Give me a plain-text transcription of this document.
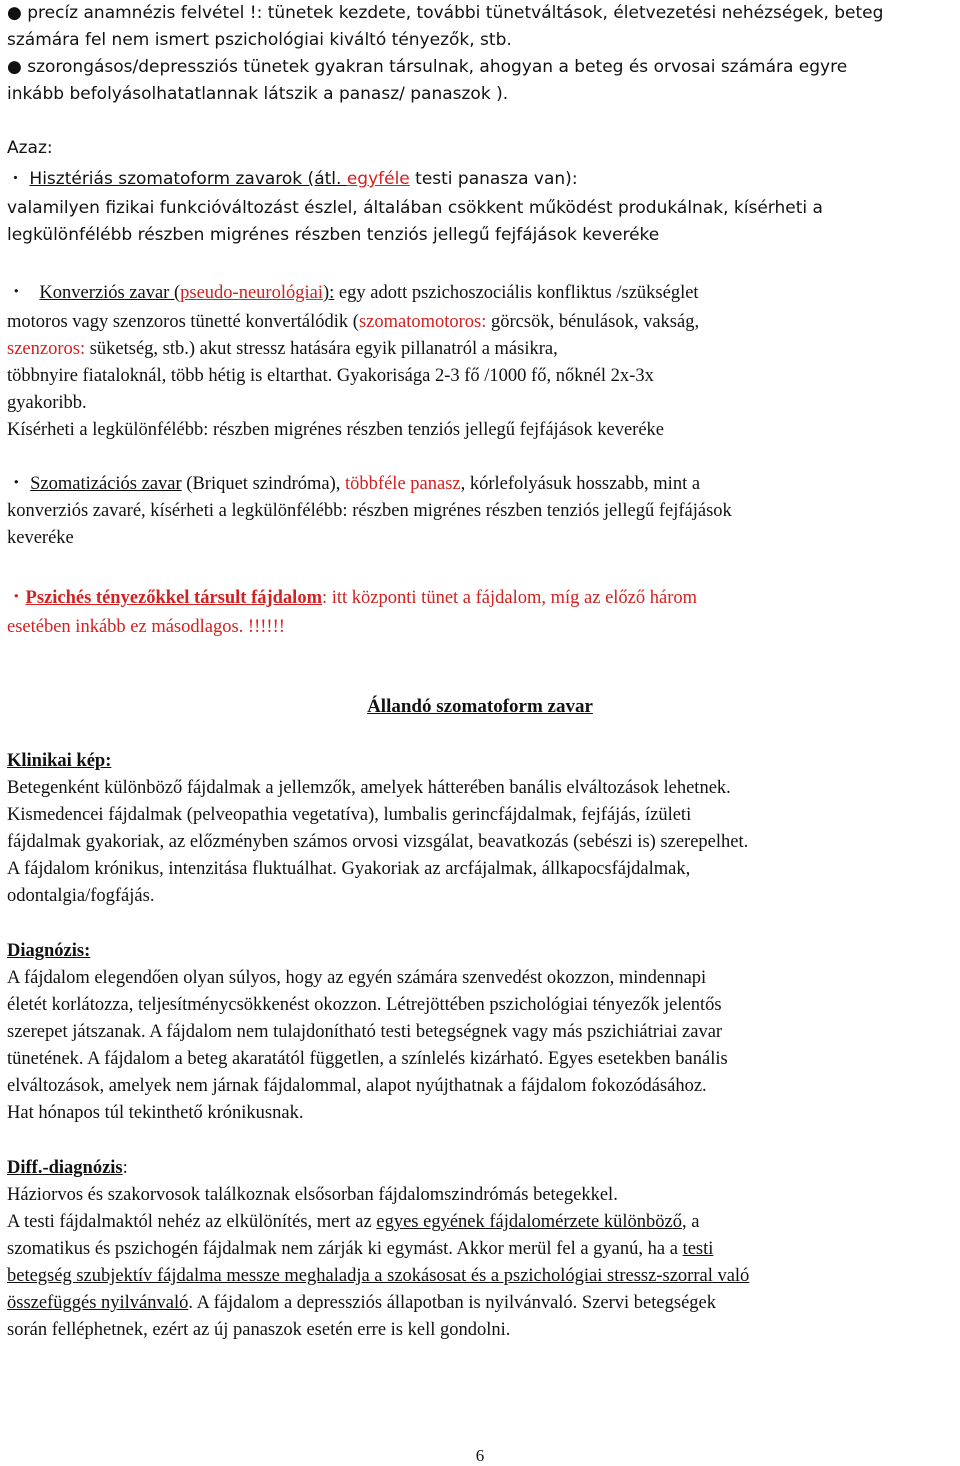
● precíz anamnézis felvétel !: tünetek kezdete, további tünetváltások, életvezetési nehézségek, beteg
számára fel nem ismert pszichológiai kiváltó tényezők, stb.
● szorongásos/depressziós tünetek gyakran társulnak, ahogyan a beteg és orvosai számára egyre
inkább befolyásolhatatlannak látszik a panasz/ panaszok ).
Azaz:
・ Hisztériás szomatoform zavarok (átl. egyféle testi panasza van):
valamilyen fizikai funkcióváltozást észlel, általában csökkent működést produkálnak, kísérheti a
legkülönfélébb részben migrénes részben tenziós jellegű fejfájások keveréke
・ Konverziós zavar (pseudo-neurológiai): egy adott pszichoszociális konfliktus /szükséglet
motoros vagy szenzoros tünetté konvertálódik (szomatomotoros: görcsök, bénulások, vakság,
szenzoros: süketség, stb.) akut stressz hatására egyik pillanatról a másikra,
többnyire fiataloknál, több hétig is eltarthat. Gyakorisága 2-3 fő /1000 fő, nőknél 2x-3x
gyakoribb.
Kísérheti a legkülönfélébb: részben migrénes részben tenziós jellegű fejfájások keveréke
・ Szomatizációs zavar (Briquet szindróma), többféle panasz, kórlefolyásuk hosszabb, mint a
konverziós zavaré, kísérheti a legkülönfélébb: részben migrénes részben tenziós jellegű fejfájások
keveréke
・Pszichés tényezőkkel társult fájdalom: itt központi tünet a fájdalom, míg az előző három
esetében inkább ez másodlagos. !!!!!!
Állandó szomatoform zavar
Klinikai kép:
Betegenként különböző fájdalmak a jellemzők, amelyek hátterében banális elváltozások lehetnek.
Kismedencei fájdalmak (pelveopathia vegetatíva), lumbalis gerincfájdalmak, fejfájás, ízületi
fájdalmak gyakoriak, az előzményben számos orvosi vizsgálat, beavatkozás (sebészi is) szerepelhet.
A fájdalom krónikus, intenzitása fluktuálhat. Gyakoriak az arcfájalmak, állkapocsfájdalmak,
odontalgia/fogfájás.
Diagnózis:
A fájdalom elegendően olyan súlyos, hogy az egyén számára szenvedést okozzon, mindennapi
életét korlátozza, teljesítménycsökkenést okozzon. Létrejöttében pszichológiai tényezők jelentős
szerepet játszanak. A fájdalom nem tulajdonítható testi betegségnek vagy más pszichiátriai zavar
tünetének. A fájdalom a beteg akaratától független, a színlelés kizárható. Egyes esetekben banális
elváltozások, amelyek nem járnak fájdalommal, alapot nyújthatnak a fájdalom fokozódásához.
Hat hónapos túl tekinthető krónikusnak.
Diff.-diagnózis:
Háziorvos és szakorvosok találkoznak elsősorban fájdalomszindrómás betegekkel.
A testi fájdalmaktól nehéz az elkülönítés, mert az egyes egyének fájdalomérzete különböző, a
szomatikus és pszichogén fájdalmak nem zárják ki egymást. Akkor merül fel a gyanú, ha a testi
betegség szubjektív fájdalma messze meghaladja a szokásosat és a pszichológiai stressz-szorral való
összefüggés nyilvánvaló. A fájdalom a depressziós állapotban is nyilvánvaló. Szervi betegségek
során felléphetnek, ezért az új panaszok esetén erre is kell gondolni.
6
